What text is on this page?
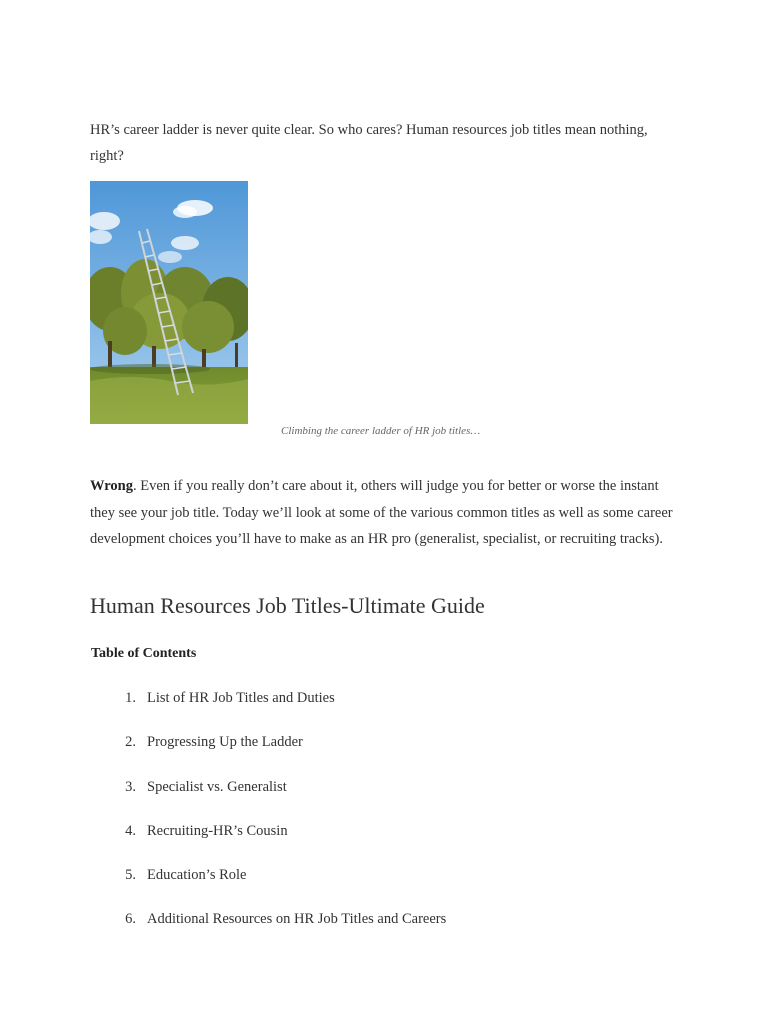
HR’s career ladder is never quite clear. So who cares? Human resources job titles mean nothing, right?

Climbing the career ladder of HR job titles…

Wrong. Even if you really don’t care about it, others will judge you for better or worse the instant they see your job title. Today we’ll look at some of the various common titles as well as some career development choices you’ll have to make as an HR pro (generalist, specialist, or recruiting tracks).

Human Resources Job Titles-Ultimate Guide
Table of Contents
1. List of HR Job Titles and Duties
2. Progressing Up the Ladder
3. Specialist vs. Generalist
4. Recruiting-HR’s Cousin
5. Education’s Role
6. Additional Resources on HR Job Titles and Careers
